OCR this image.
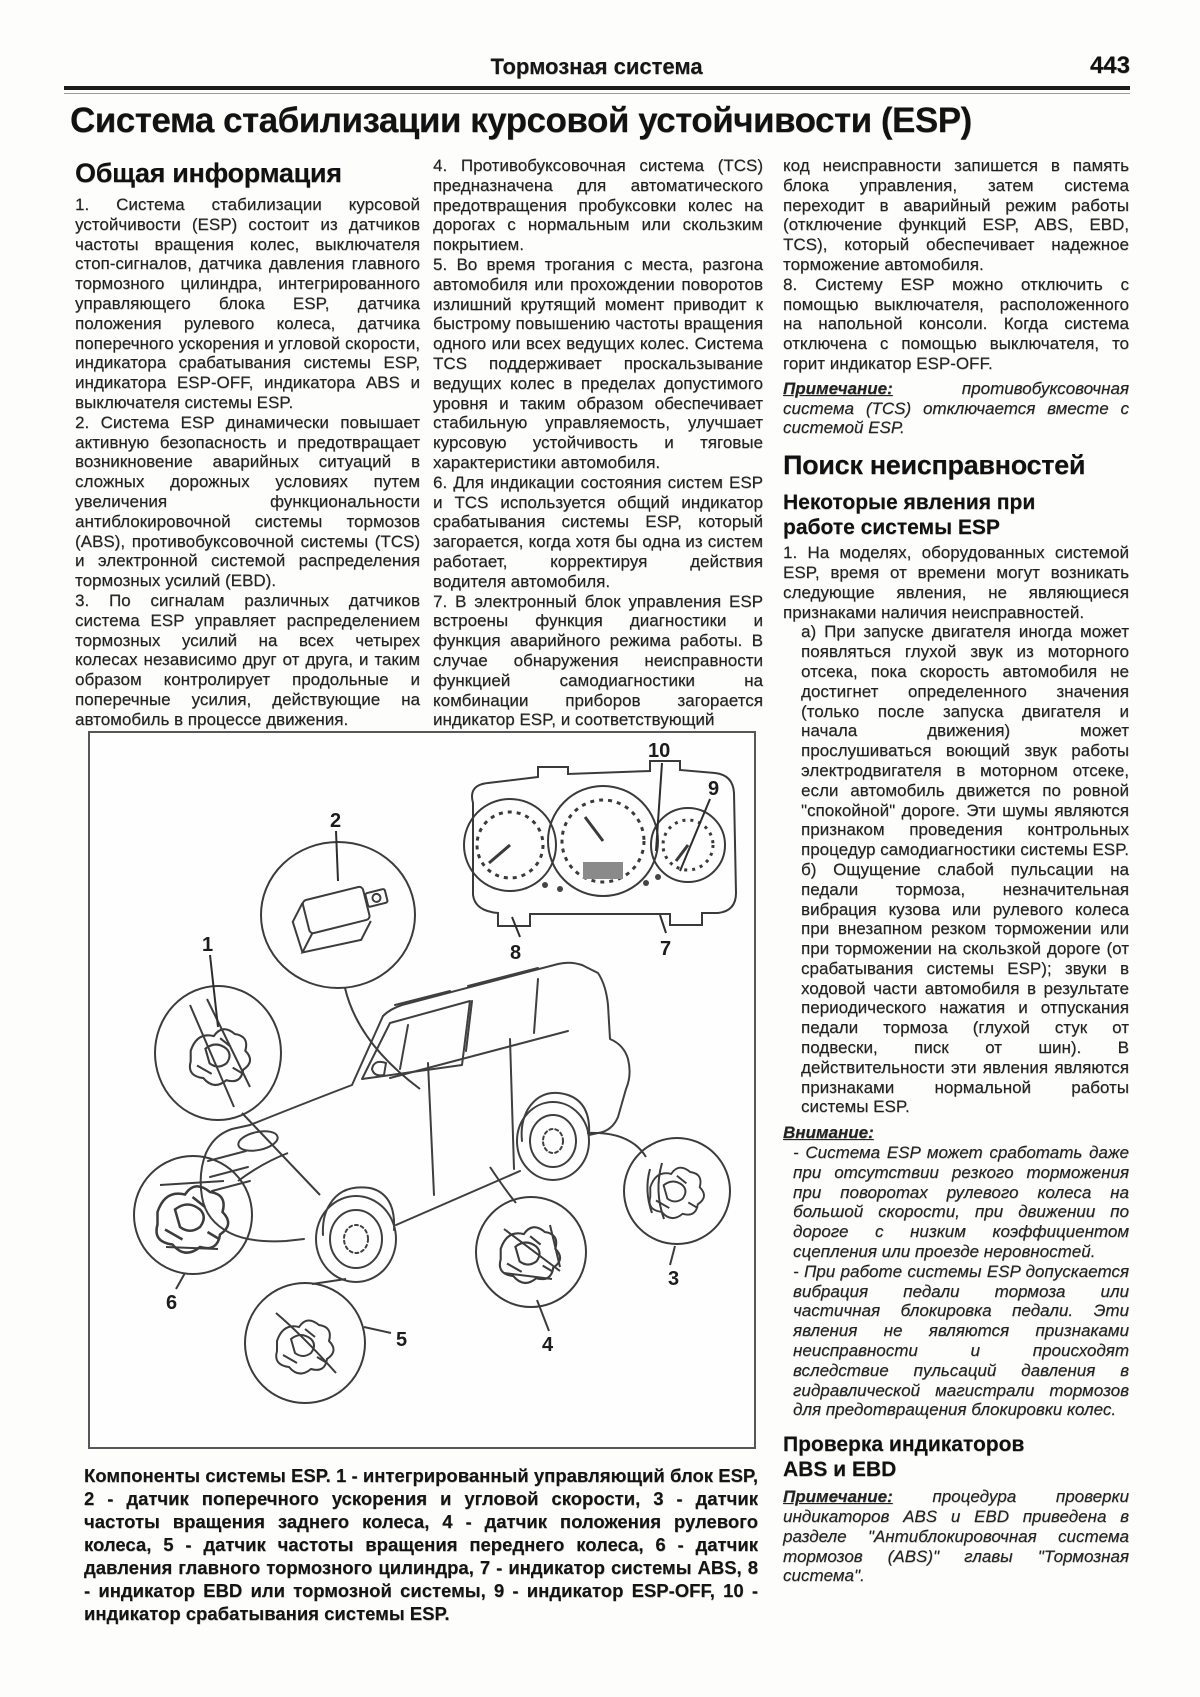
Тормозная система	443
Система стабилизации курсовой устойчивости (ESP)
Общая информация

1. Система стабилизации курсовой устойчивости (ESP) состоит из датчиков частоты вращения колес, выключателя стоп-сигналов, датчика давления главного тормозного цилиндра, интегрированного управляющего блока ESP, датчика положения рулевого колеса, датчика поперечного ускорения и угловой скорости, индикатора срабатывания системы ESP, индикатора ESP-OFF, индикатора ABS и выключателя системы ESP.

2. Система ESP динамически повышает активную безопасность и предотвращает возникновение аварийных ситуаций в сложных дорожных условиях путем увеличения функциональности антиблокировочной системы тормозов (ABS), противобуксовочной системы (TCS) и электронной системой распределения тормозных усилий (EBD).

3. По сигналам различных датчиков система ESP управляет распределением тормозных усилий на всех четырех колесах независимо друг от друга, и таким образом контролирует продольные и поперечные усилия, действующие на автомобиль в процессе движения.

4. Противобуксовочная система (TCS) предназначена для автоматического предотвращения пробуксовки колес на дорогах с нормальным или скользким покрытием.

5. Во время трогания с места, разгона автомобиля или прохождении поворотов излишний крутящий момент приводит к быстрому повышению частоты вращения одного или всех ведущих колес. Система TCS поддерживает проскальзывание ведущих колес в пределах допустимого уровня и таким образом обеспечивает стабильную управляемость, улучшает курсовую устойчивость и тяговые характеристики автомобиля.

6. Для индикации состояния систем ESP и TCS используется общий индикатор срабатывания системы ESP, который загорается, когда хотя бы одна из систем работает, корректируя действия водителя автомобиля.

7. В электронный блок управления ESP встроены функция диагностики и функция аварийного режима работы. В случае обнаружения неисправности функцией самодиагностики на комбинации приборов загорается индикатор ESP, и соответствующий

код неисправности запишется в память блока управления, затем система переходит в аварийный режим работы (отключение функций ESP, ABS, EBD, TCS), который обеспечивает надежное торможение автомобиля.

8. Систему ESP можно отключить с помощью выключателя, расположенного на напольной консоли. Когда система отключена с помощью выключателя, то горит индикатор ESP-OFF.

Примечание: противобуксовочная система (TCS) отключается вместе с системой ESP.

Поиск неисправностей
Некоторые явления при работе системы ESP

1. На моделях, оборудованных системой ESP, время от времени могут возникать следующие явления, не являющиеся признаками наличия неисправностей.

а) При запуске двигателя иногда может появляться глухой звук из моторного отсека, пока скорость автомобиля не достигнет определенного значения (только после запуска двигателя и начала движения) может прослушиваться воющий звук работы электродвигателя в моторном отсеке, если автомобиль движется по ровной "спокойной" дороге. Эти шумы являются признаком проведения контрольных процедур самодиагностики системы ESP.

б) Ощущение слабой пульсации на педали тормоза, незначительная вибрация кузова или рулевого колеса при внезапном резком торможении или при торможении на скользкой дороге (от срабатывания системы ESP); звуки в ходовой части автомобиля в результате периодического нажатия и отпускания педали тормоза (глухой стук от подвески, писк от шин). В действительности эти явления являются признаками нормальной работы системы ESP.

Внимание:

- Система ESP может сработать даже при отсутствии резкого торможения при поворотах рулевого колеса на большой скорости, при движении по дороге с низким коэффициентом сцепления или проезде неровностей.

- При работе системы ESP допускается вибрация педали тормоза или частичная блокировка педали. Эти явления не являются признаками неисправности и происходят вследствие пульсаций давления в гидравлической магистрали тормозов для предотвращения блокировки колес.

Проверка индикаторов ABS и EBD

Примечание: процедура проверки индикаторов ABS и EBD приведена в разделе "Антиблокировочная система тормозов (ABS)" главы "Тормозная система".

1
2
3
4
5
6
7
8
9
10
Компоненты системы ESP. 1 - интегрированный управляющий блок ESP, 2 - датчик поперечного ускорения и угловой скорости, 3 - датчик частоты вращения заднего колеса, 4 - датчик положения рулевого колеса, 5 - датчик частоты вращения переднего колеса, 6 - датчик давления главного тормозного цилиндра, 7 - индикатор системы ABS, 8 - индикатор EBD или тормозной системы, 9 - индикатор ESP-OFF, 10 - индикатор срабатывания системы ESP.
